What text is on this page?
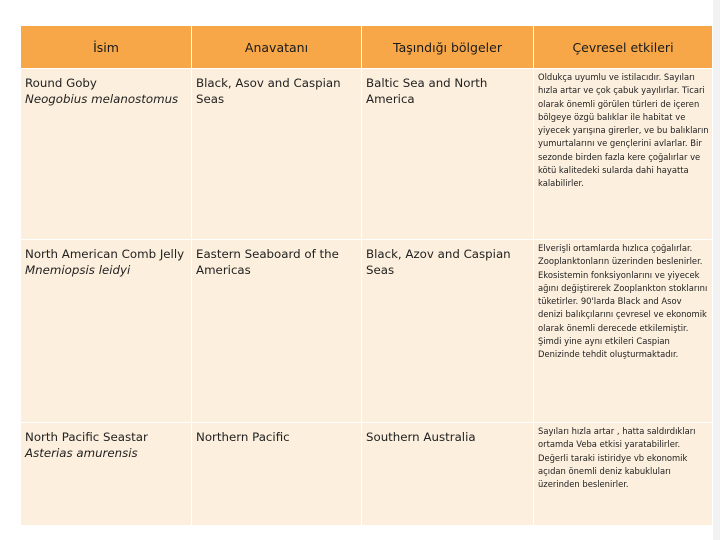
İsim	Anavatanı	Taşındığı bölgeler	Çevresel etkileri

Round Goby
Neogobius melanostomus	Black, Asov and Caspian Seas	Baltic Sea and North America	Oldukça uyumlu ve istilacıdır. Sayıları hızla artar ve çok çabuk yayılırlar. Ticari olarak önemli görülen türleri de içeren bölgeye özgü balıklar ile habitat ve yiyecek yarışına girerler, ve bu balıkların yumurtalarını ve gençlerini avlarlar. Bir sezonde birden fazla kere çoğalırlar ve kötü kalitedeki sularda dahi hayatta kalabilirler.

North American Comb Jelly
Mnemiopsis leidyi	Eastern Seaboard of the Americas	Black, Azov and Caspian Seas	Elverişli ortamlarda hızlıca çoğalırlar. Zooplanktonların üzerinden beslenirler. Ekosistemin fonksiyonlarını ve yiyecek ağını değiştirerek Zooplankton stoklarını tüketirler. 90'larda Black and Asov denizi balıkçılarını çevresel ve ekonomik olarak önemli derecede etkilemiştir. Şimdi yine aynı etkileri Caspian Denizinde tehdit oluşturmaktadır.

North Pacific Seastar
Asterias amurensis	Northern Pacific	Southern Australia	Sayıları hızla artar , hatta saldırdıkları ortamda Veba etkisi yaratabilirler. Değerli taraki istiridye vb ekonomik açıdan önemli deniz kabukluları üzerinden beslenirler.
